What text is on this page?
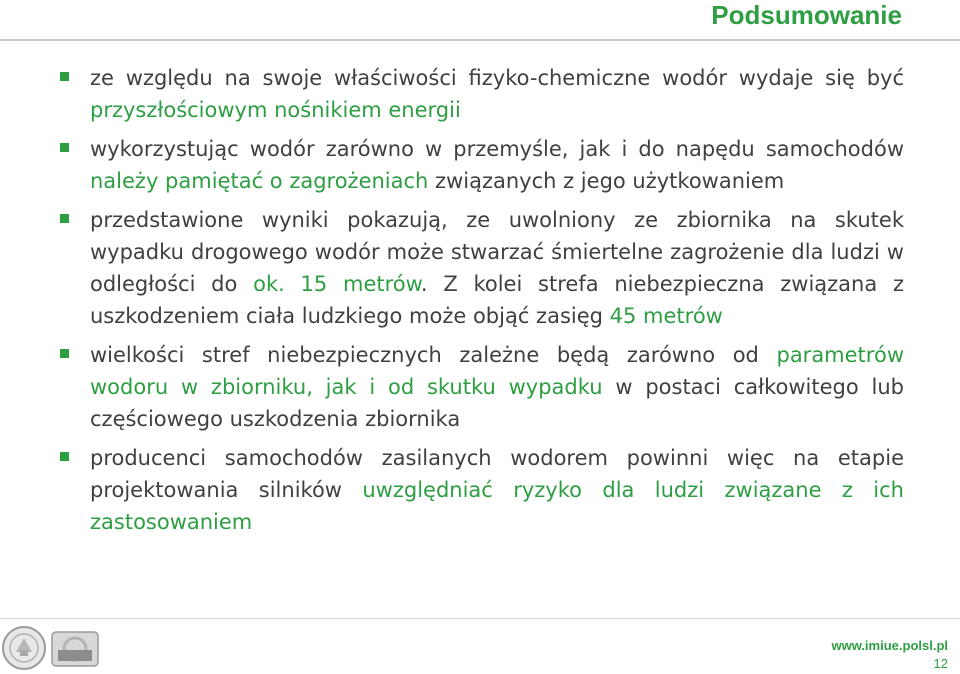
Podsumowanie
ze względu na swoje właściwości fizyko-chemiczne wodór wydaje się być przyszłościowym nośnikiem energii
wykorzystując wodór zarówno w przemyśle, jak i do napędu samochodów należy pamiętać o zagrożeniach związanych z jego użytkowaniem
przedstawione wyniki pokazują, ze uwolniony ze zbiornika na skutek wypadku drogowego wodór może stwarzać śmiertelne zagrożenie dla ludzi w odległości do ok. 15 metrów. Z kolei strefa niebezpieczna związana z uszkodzeniem ciała ludzkiego może objąć zasięg 45 metrów
wielkości stref niebezpiecznych zależne będą zarówno od parametrów wodoru w zbiorniku, jak i od skutku wypadku w postaci całkowitego lub częściowego uszkodzenia zbiornika
producenci samochodów zasilanych wodorem powinni więc na etapie projektowania silników uwzględniać ryzyko dla ludzi związane z ich zastosowaniem
www.imiue.polsl.pl
12
